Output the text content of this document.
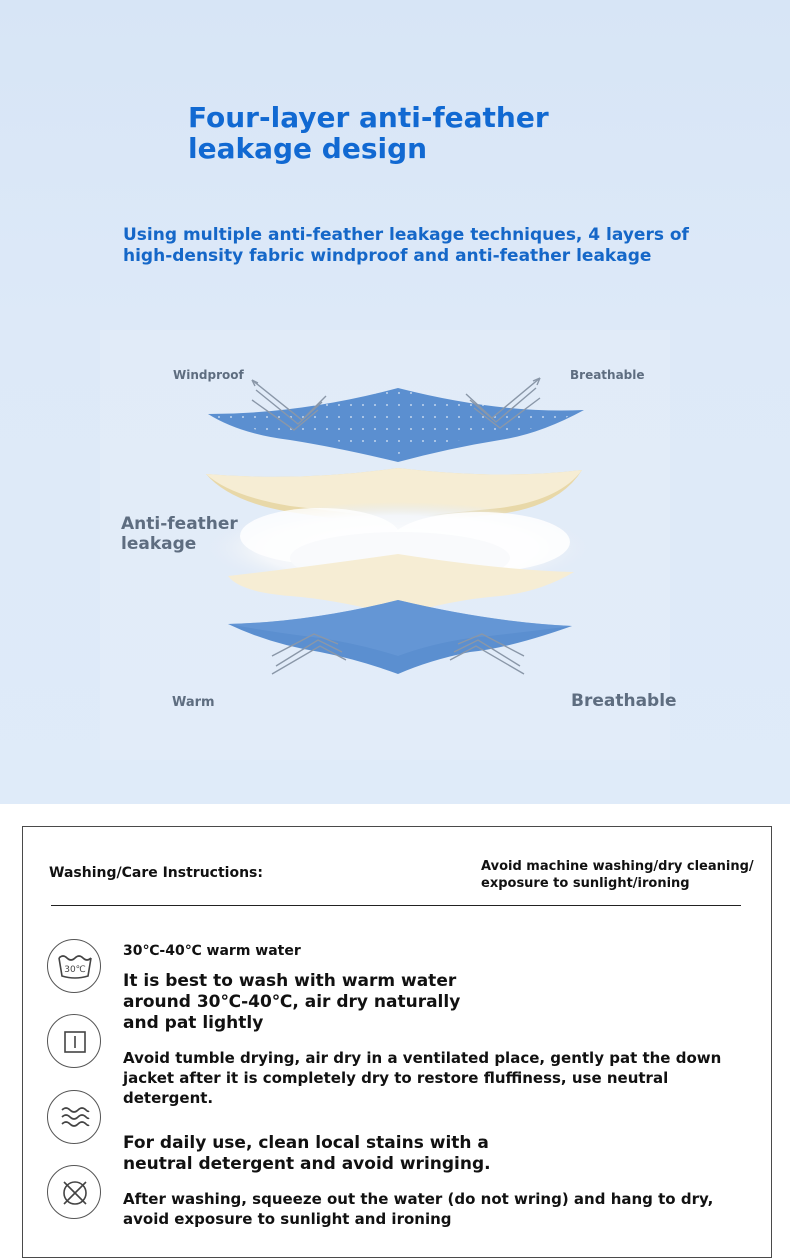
Four-layer anti-feather leakage design
Using multiple anti-feather leakage techniques, 4 layers of high-density fabric windproof and anti-feather leakage
Windproof	Breathable
Anti-feather leakage
Warm	Breathable
Washing/Care Instructions:	Avoid machine washing/dry cleaning/ exposure to sunlight/ironing
30℃
30℃-40℃ warm water
It is best to wash with warm water around 30℃-40℃, air dry naturally and pat lightly
Avoid tumble drying, air dry in a ventilated place, gently pat the down jacket after it is completely dry to restore fluffiness, use neutral detergent.
For daily use, clean local stains with a neutral detergent and avoid wringing.
After washing, squeeze out the water (do not wring) and hang to dry, avoid exposure to sunlight and ironing
